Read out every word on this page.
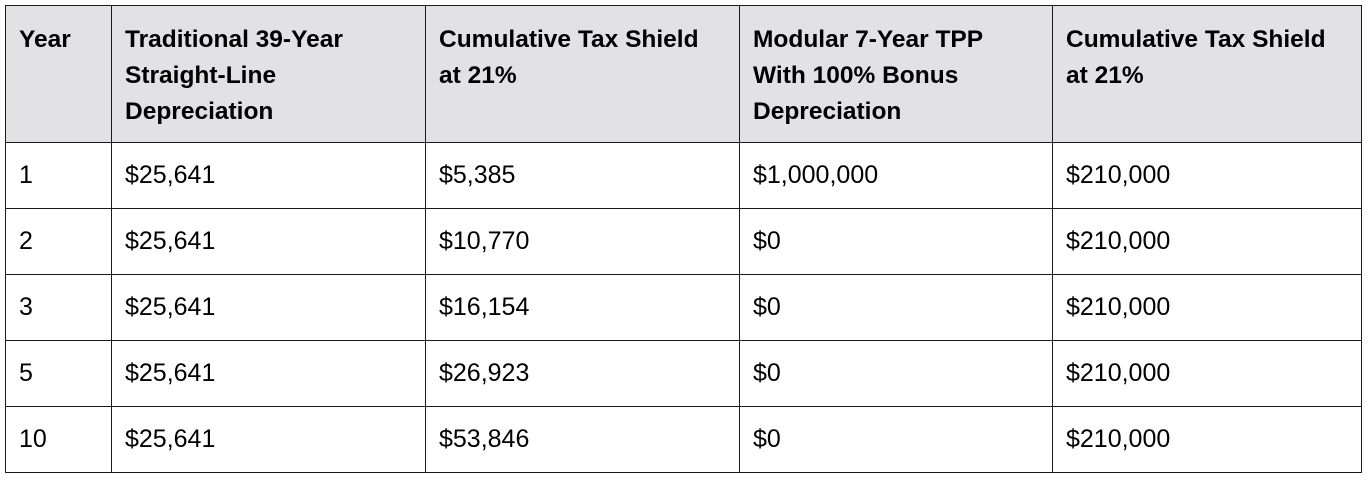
Year	Traditional 39-Year Straight-Line Depreciation	Cumulative Tax Shield at 21%	Modular 7-Year TPP With 100% Bonus Depreciation	Cumulative Tax Shield at 21%
1	$25,641	$5,385	$1,000,000	$210,000
2	$25,641	$10,770	$0	$210,000
3	$25,641	$16,154	$0	$210,000
5	$25,641	$26,923	$0	$210,000
10	$25,641	$53,846	$0	$210,000
